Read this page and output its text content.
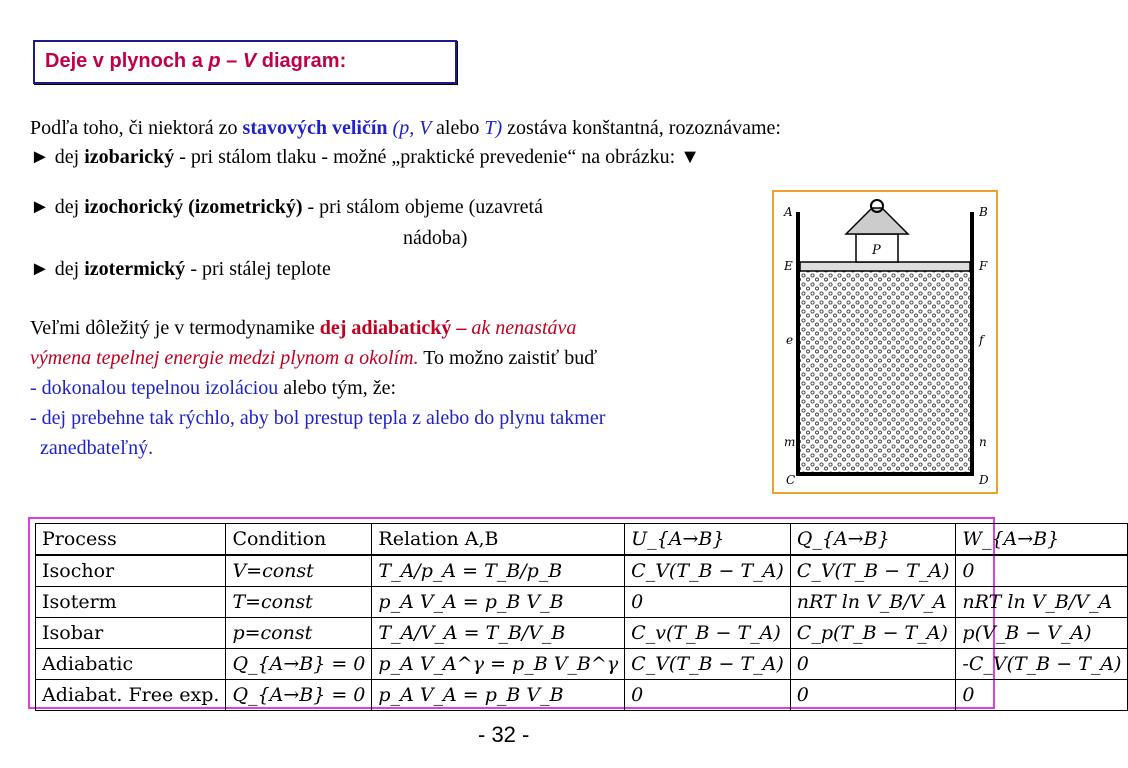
Deje v plynoch a p – V diagram:
Podľa toho, či niektorá zo stavových veličín (p, V alebo T) zostáva konštantná, rozoznávame:
► dej izobarický - pri stálom tlaku - možné „praktické prevedenie“ na obrázku: ▼
► dej izochorický (izometrický) - pri stálom objeme (uzavretá
nádoba)
► dej izotermický - pri stálej teplote
Veľmi dôležitý je v termodynamike dej adiabatický – ak nenastáva
výmena tepelnej energie medzi plynom a okolím. To možno zaistiť buď
- dokonalou tepelnou izoláciou alebo tým, že:
- dej prebehne tak rýchlo, aby bol prestup tepla z alebo do plynu takmer
zanedbateľný.
P
A	B
E	F
e	f
m	n
C	D
Process	Condition	Relation A,B	U_{A→B}	Q_{A→B}	W_{A→B}
Isochor	V=const	T_A/p_A = T_B/p_B	C_V(T_B − T_A)	C_V(T_B − T_A)	0
Isoterm	T=const	p_A V_A = p_B V_B	0	nRT ln V_B/V_A	nRT ln V_B/V_A
Isobar	p=const	T_A/V_A = T_B/V_B	C_v(T_B − T_A)	C_p(T_B − T_A)	p(V_B − V_A)
Adiabatic	Q_{A→B} = 0	p_A V_A^γ = p_B V_B^γ	C_V(T_B − T_A)	0	-C_V(T_B − T_A)
Adiabat. Free exp.	Q_{A→B} = 0	p_A V_A = p_B V_B	0	0	0
- 32 -
